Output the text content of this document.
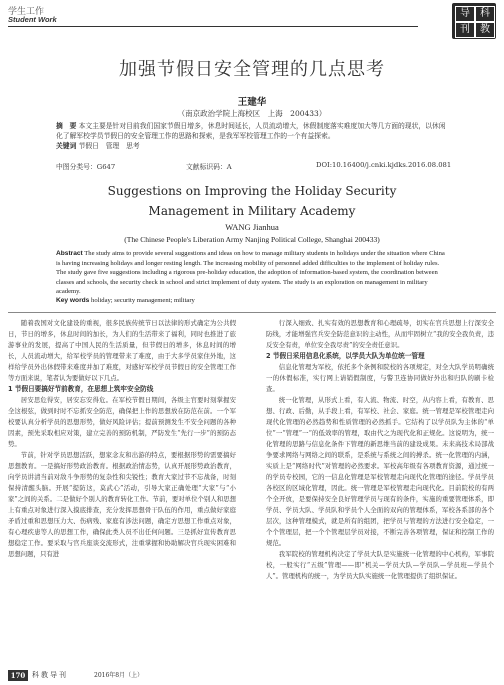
学生工作
Student Work
导	科
刊	教
加强节假日安全管理的几点思考
王建华
（南京政治学院上海校区　上海　200433）
摘　要 本文主要是针对目前我们国家节假日增多，休息时间延长，人员流动增大，休假制度落实难度加大等几方面的现状，以休闲化了解军校学员节假日的安全管理工作的思路和探索，是我军军校管理工作的一个有益探索。
关键词 节假日　管理　思考
中图分类号：G647	文献标识码：A	DOI:10.16400/j.cnki.kjdks.2016.08.081
Suggestions on Improving the Holiday Security
Management in Military Academy
WANG Jianhua
(The Chinese People's Liberation Army Nanjing Political College, Shanghai 200433)
Abstract The study aims to provide several suggestions and ideas on how to manage military students in holidays under the situation where China is having increasing holidays and longer resting length. The increasing mobility of personnel added difficulties to the implement of holiday rules. The study gave five suggestions including a rigorous pre-holiday education, the adoption of information-based system, the coordination between classes and schools, the security check in school and strict implement of duty system. The study is an exploration on management in military academy.
Key words holiday; security management; military

随着我国对文化建设的重视，很多民族传统节日以法律的形式确定为公共假日，节日的增多，休息时间的加长，为人们的生活带来了福利，同时也推进了旅游事业的发展，提高了中国人民的生活质量，但节假日的增多，休息时间的增长，人员流动增大，给军校学员的管理带来了难度，由于大多学员家住外地，这样给学员外出休假带来难度并加了难度，对感好军校学员节假日的安全管理工作等方面来说，笔者认为要做好以下几点。

1 节假日要搞好节前教育，在思想上筑牢安全防线

居安思危得安，居安忘安得危。在军校节假日期间，各级主官要时刻掌握安全这根弦，做到时时不忘抓安全防范，确保把上作的思想放在防范在前。一个军校要认真分析学员的思想形势，做好风险评估；提前预测发生不安全问题的各种因素，预先采取相应对策，建立完善的预防机制，严防发生“先行一步”的预防态势。

节前，针对学员思想活跃，想家念友和出游的特点，要根据形势的需要搞好思想教育。一是搞好形势政治教育。根据政治情态势，认真开展形势政治教育，向学员讲清当前对敌斗争形势的复杂性和尖锐性；教育大家过节不忘战备，时刻保持清醒头脑。开展“提防这，莫武心”活动，引导大家正确处理“大家”与“小家”之间的关系。二是做好个别人的教育转化工作。节前，要对单位个别人和思想上有重点对象进行深入摸底排查，充分发挥思想骨干队伍的作用，重点做好家庭矛盾过重和思想压力大、伤病残、家庭有涉法问题，确定方思想工作重点对象，有心理疾患等人的思想工作，确保此类人员不出任何问题。三是抓好宣传教育思想稳定工作。要采取与官兵座谈交流形式，注重掌握和协助解决官兵现实困难和思想问题，只有进

行深入细致、扎实有效的思想教育和心理疏导，切实在官兵思想上行深安全防线，才能增强官兵安全防范意识的主动性，从而牢固树立“我的安全我负责，违反安全有责，单位安全我尽责”的安全责任意识。

2 节假日采用信息化系统，以学员大队为单位统一管理

信息化管理为军校，依托多个条例和院校的各项规定，对全大队学员明确统一的休假标准，实行网上请销假制度，与警卫连协同做好外出和归队的刷卡检查。

统一化管理，从形式上看，有人流、物流、时空，从内容上看，有教育、思想、行政、后勤，从手段上看，有军校、社会、家庭。统一管理是军校管理走向现代化管理的必然趋势和性质管理的必然抓手。它结构了以学员队为主体的“单位”一“管理”一“的低效率的管理，取由代之为现代化和正规化。这说明为，统一化管理的思路与信息化条件下管理的新思维当前的建设成果。未来高技术局部战争要求网络与网络之间的联系，是系统与系统之间的搏杀。统一化管理的内涵，实质上是“网络时代”对管理的必然要求。军校高年级有各项教育资源，通过统一的学员专校园，它的一信息化管理是军校管理走向现代化管理的途径。学员学员各校区的区域化管理，因此。统一管理是军校管理走向现代化。目前院校的有两个全开放，是要保持安全良好管理学员与现有的条件，实施的重要管理体系，即学员、学员大队、学员队和学员个人全面的双向的管理体系，军校各系部的各个层次，这种管理模式，就是所有的组团，把学员与管理的方法进行安全稳定，一个个管理层，把一个个管理层学员对接，不断完善各项管理，保证和控制工作的规范。

我军院校的管理机构决定了学员大队是实施统一化管理的中心机构，军事院校，一般实行“五级”管理——即“机关—学员大队—学员队—学员班—学员个人”。管理机构的统一，为学员大队实施统一化管理提供了组织保证。

170 科教导刊	2016年8月（上）
